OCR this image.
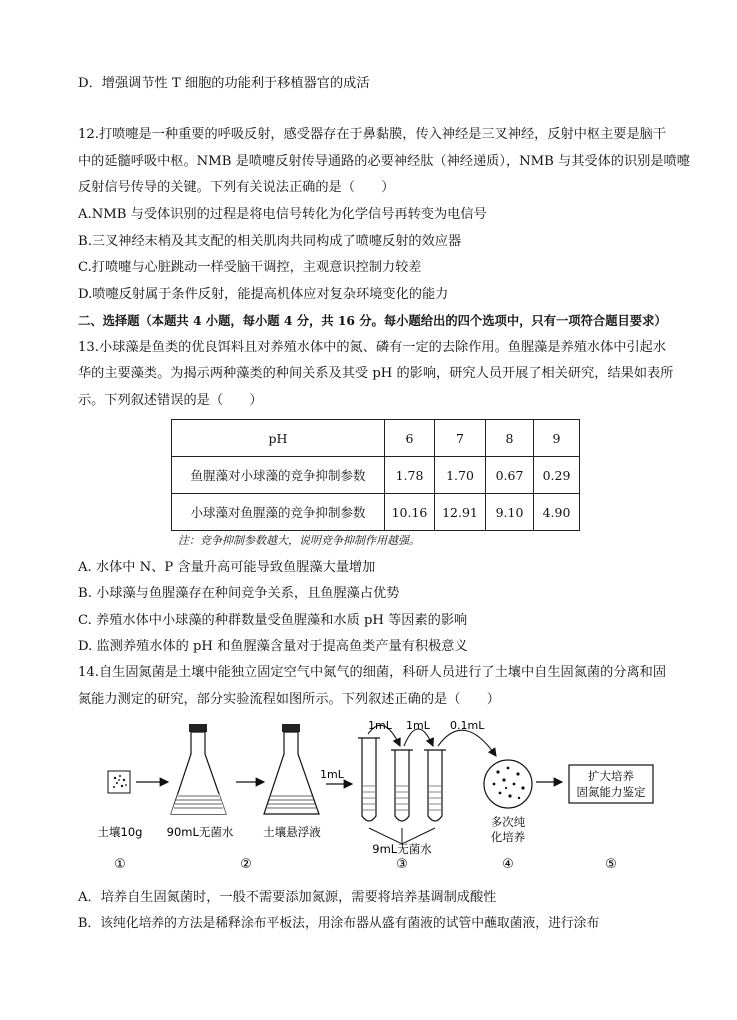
D．增强调节性 T 细胞的功能利于移植器官的成活
12.打喷嚏是一种重要的呼吸反射，感受器存在于鼻黏膜，传入神经是三叉神经，反射中枢主要是脑干
中的延髓呼吸中枢。NMB 是喷嚏反射传导通路的必要神经肽（神经递质），NMB 与其受体的识别是喷嚏
反射信号传导的关键。下列有关说法正确的是（　　）
A.NMB 与受体识别的过程是将电信号转化为化学信号再转变为电信号
B.三叉神经末梢及其支配的相关肌肉共同构成了喷嚏反射的效应器
C.打喷嚏与心脏跳动一样受脑干调控，主观意识控制力较差
D.喷嚏反射属于条件反射，能提高机体应对复杂环境变化的能力
二、选择题（本题共 4 小题，每小题 4 分，共 16 分。每小题给出的四个选项中，只有一项符合题目要求）
13.小球藻是鱼类的优良饵料且对养殖水体中的氮、磷有一定的去除作用。鱼腥藻是养殖水体中引起水
华的主要藻类。为揭示两种藻类的种间关系及其受 pH 的影响，研究人员开展了相关研究，结果如表所
示。下列叙述错误的是（　　）
pH	6	7	8	9
鱼腥藻对小球藻的竞争抑制参数	1.78	1.70	0.67	0.29
小球藻对鱼腥藻的竞争抑制参数	10.16	12.91	9.10	4.90
注：竞争抑制参数越大，说明竞争抑制作用越强。
A. 水体中 N、P 含量升高可能导致鱼腥藻大量增加
B. 小球藻与鱼腥藻存在种间竞争关系，且鱼腥藻占优势
C. 养殖水体中小球藻的种群数量受鱼腥藻和水质 pH 等因素的影响
D. 监测养殖水体的 pH 和鱼腥藻含量对于提高鱼类产量有积极意义
14.自生固氮菌是土壤中能独立固定空气中氮气的细菌，科研人员进行了土壤中自生固氮菌的分离和固
氮能力测定的研究，部分实验流程如图所示。下列叙述正确的是（　　）
1mL
1mL 1mL 0.1mL
扩大培养
固氮能力鉴定
土壤10g 90mL无菌水	土壤悬浮液
9mL无菌水
多次纯
化培养
①	②	③	④	⑤
A．培养自生固氮菌时，一般不需要添加氮源，需要将培养基调制成酸性
B．该纯化培养的方法是稀释涂布平板法，用涂布器从盛有菌液的试管中蘸取菌液，进行涂布
